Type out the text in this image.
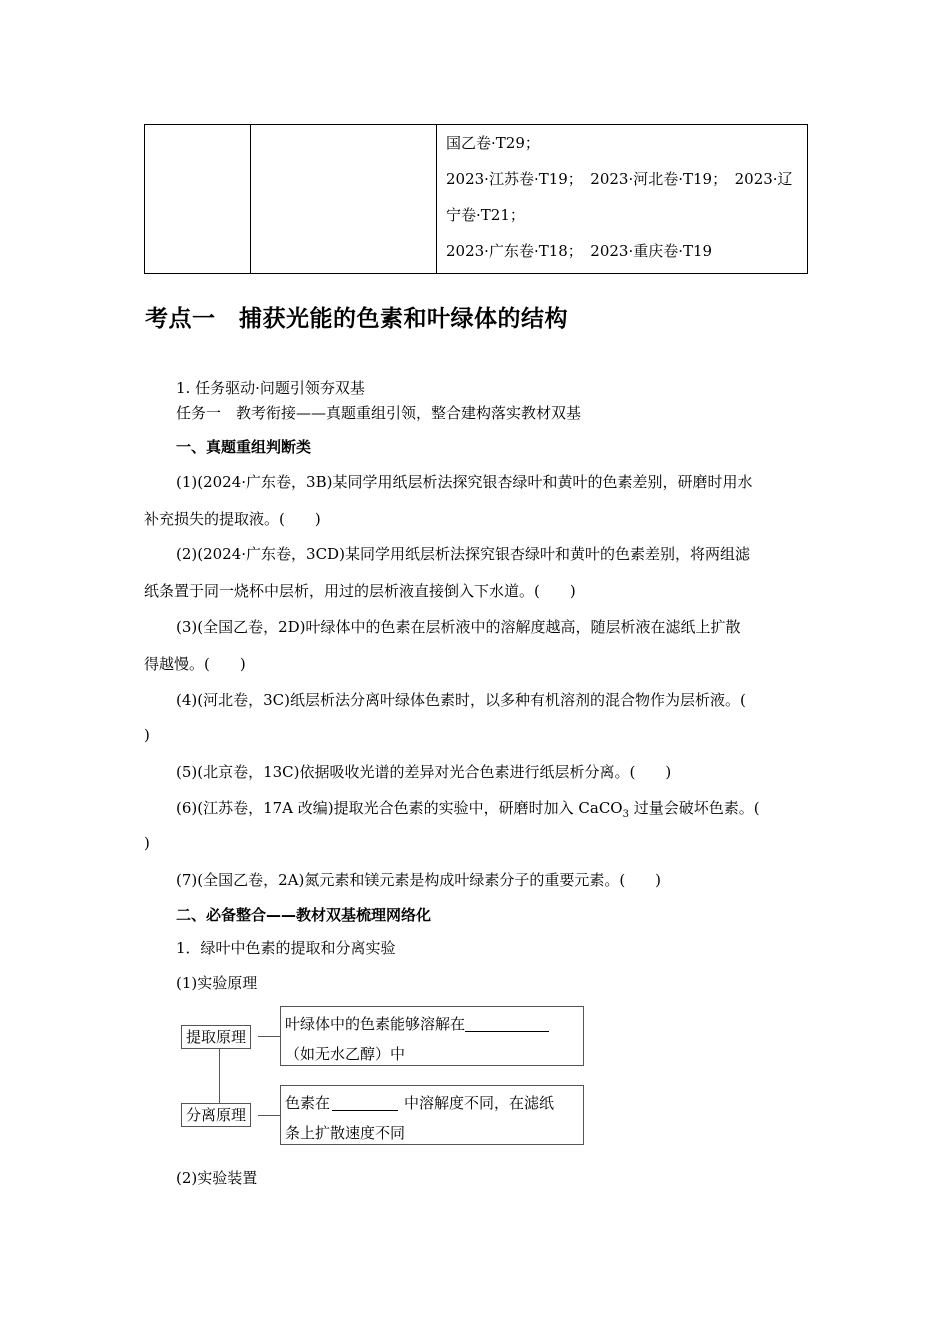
国乙卷·T29；
2023·江苏卷·T19；　2023·河北卷·T19；　2023·辽
宁卷·T21；
2023·广东卷·T18；　2023·重庆卷·T19
考点一　捕获光能的色素和叶绿体的结构
1. 任务驱动·问题引领夯双基
任务一　教考衔接——真题重组引领，整合建构落实教材双基
一、真题重组判断类
(1)(2024·广东卷，3B)某同学用纸层析法探究银杏绿叶和黄叶的色素差别，研磨时用水
补充损失的提取液。(　　)
(2)(2024·广东卷，3CD)某同学用纸层析法探究银杏绿叶和黄叶的色素差别，将两组滤
纸条置于同一烧杯中层析，用过的层析液直接倒入下水道。(　　)
(3)(全国乙卷，2D)叶绿体中的色素在层析液中的溶解度越高，随层析液在滤纸上扩散
得越慢。(　　)
(4)(河北卷，3C)纸层析法分离叶绿体色素时，以多种有机溶剂的混合物作为层析液。(
)
(5)(北京卷，13C)依据吸收光谱的差异对光合色素进行纸层析分离。(　　)
(6)(江苏卷，17A 改编)提取光合色素的实验中，研磨时加入 CaCO$_3$ 过量会破坏色素。(
)
(7)(全国乙卷，2A)氮元素和镁元素是构成叶绿素分子的重要元素。(　　)
二、必备整合——教材双基梳理网络化
1．绿叶中色素的提取和分离实验
(1)实验原理
提取原理
叶绿体中的色素能够溶解在
（如无水乙醇）中
分离原理
色素在	中溶解度不同，在滤纸
条上扩散速度不同
(2)实验装置
